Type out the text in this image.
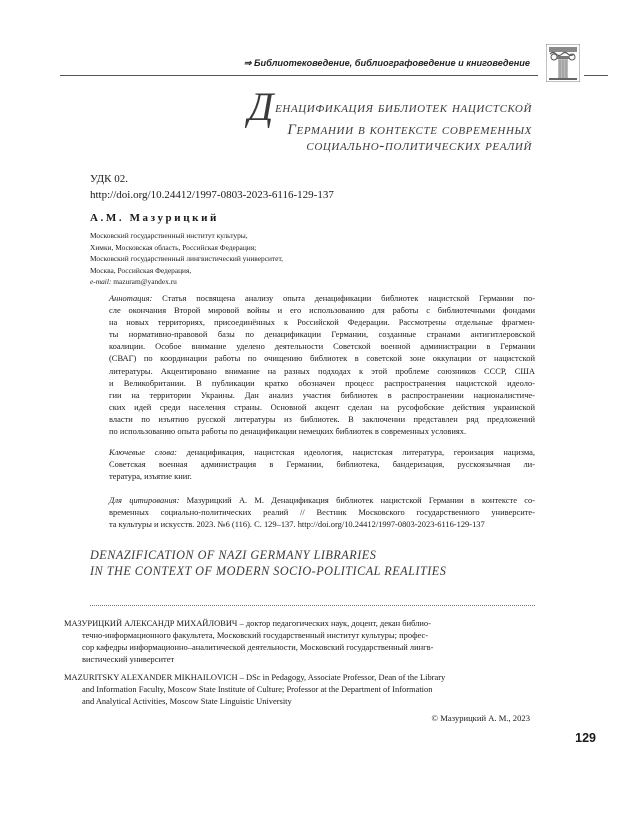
⇒ Библиотековедение, библиографоведение и книговедение
Денацификация библиотек нацистской
Германии в контексте современных
социально-политических реалий
УДК 02.
http://doi.org/10.24412/1997-0803-2023-6116-129-137
А.М. Мазурицкий
Московский государственный институт культуры,
Химки, Московская область, Российская Федерация;
Московский государственный лингвистический университет,
Москва, Российская Федерация,
e-mail: mazuram@yandex.ru
Аннотация: Статья посвящена анализу опыта денацификации библиотек нацистской Германии по-
сле окончания Второй мировой войны и его использованию для работы с библиотечными фондами
на новых территориях, присоединённых к Российской Федерации. Рассмотрены отдельные фрагмен-
ты нормативно-правовой базы по денацификации Германии, созданные странами антигитлеровской
коалиции. Особое внимание уделено деятельности Советской военной администрации в Германии
(СВАГ) по координации работы по очищению библиотек в советской зоне оккупации от нацистской
литературы. Акцентировано внимание на разных подходах к этой проблеме союзников СССР, США
и Великобритании. В публикации кратко обозначен процесс распространения нацистской идеоло-
гии на территории Украины. Дан анализ участия библиотек в распространении националистиче-
ских идей среди населения страны. Основной акцент сделан на русофобские действия украинской
власти по изъятию русской литературы из библиотек. В заключении представлен ряд предложений
по использованию опыта работы по денацификации немецких библиотек в современных условиях.
Ключевые слова: денацификация, нацистская идеология, нацистская литература, героизация нацизма,
Советская военная администрация в Германии, библиотека, бандеризация, русскоязычная ли-
тература, изъятие книг.
Для цитирования: Мазурицкий А. М. Денацификация библиотек нацистской Германии в контексте со-
временных социально-политических реалий // Вестник Московского государственного университе-
та культуры и искусств. 2023. №6 (116). С. 129–137. http://doi.org/10.24412/1997-0803-2023-6116-129-137
DENAZIFICATION OF NAZI GERMANY LIBRARIES
IN THE CONTEXT OF MODERN SOCIO-POLITICAL REALITIES
МАЗУРИЦКИЙ АЛЕКСАНДР МИХАЙЛОВИЧ – доктор педагогических наук, доцент, декан библио-
течно-информационного факультета, Московский государственный институт культуры; профес-
сор кафедры информационно–аналитической деятельности, Московский государственный лингв-
вистический университет
MAZURITSKY ALEXANDER MIKHAILOVICH – DSc in Pedagogy, Associate Professor, Dean of the Library
and Information Faculty, Moscow State Institute of Culture; Professor at the Department of Information
and Analytical Activities, Moscow State Linguistic University
© Мазурицкий А. М., 2023
129
